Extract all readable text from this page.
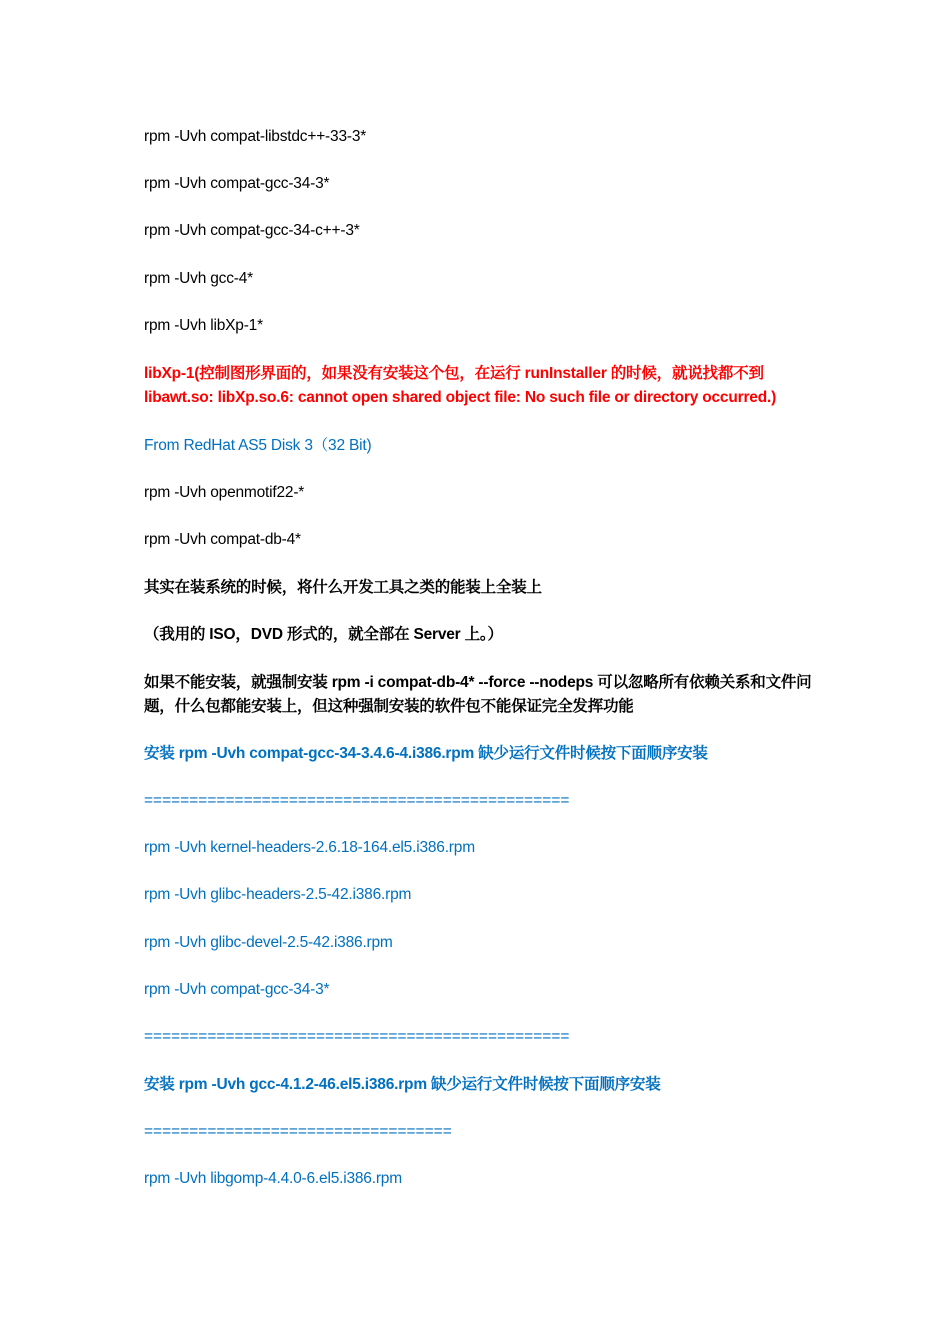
rpm -Uvh compat-libstdc++-33-3*
rpm -Uvh compat-gcc-34-3*
rpm -Uvh compat-gcc-34-c++-3*
rpm -Uvh gcc-4*
rpm -Uvh libXp-1*
libXp-1(控制图形界面的，如果没有安装这个包，在运行 runInstaller 的时候，就说找都不到 libawt.so: libXp.so.6: cannot open shared object file: No such file or directory occurred.)
From RedHat AS5 Disk 3（32 Bit)
rpm -Uvh openmotif22-*
rpm -Uvh compat-db-4*
其实在装系统的时候，将什么开发工具之类的能装上全装上
（我用的 ISO，DVD 形式的，就全部在 Server 上。）
如果不能安装，就强制安装 rpm -i compat-db-4* --force --nodeps 可以忽略所有依赖关系和文件问题，什么包都能安装上，但这种强制安装的软件包不能保证完全发挥功能
安装 rpm -Uvh compat-gcc-34-3.4.6-4.i386.rpm 缺少运行文件时候按下面顺序安装
===============================================
rpm -Uvh kernel-headers-2.6.18-164.el5.i386.rpm
rpm -Uvh glibc-headers-2.5-42.i386.rpm
rpm -Uvh glibc-devel-2.5-42.i386.rpm
rpm -Uvh compat-gcc-34-3*
===============================================
安装 rpm -Uvh gcc-4.1.2-46.el5.i386.rpm 缺少运行文件时候按下面顺序安装
==================================
rpm -Uvh libgomp-4.4.0-6.el5.i386.rpm
